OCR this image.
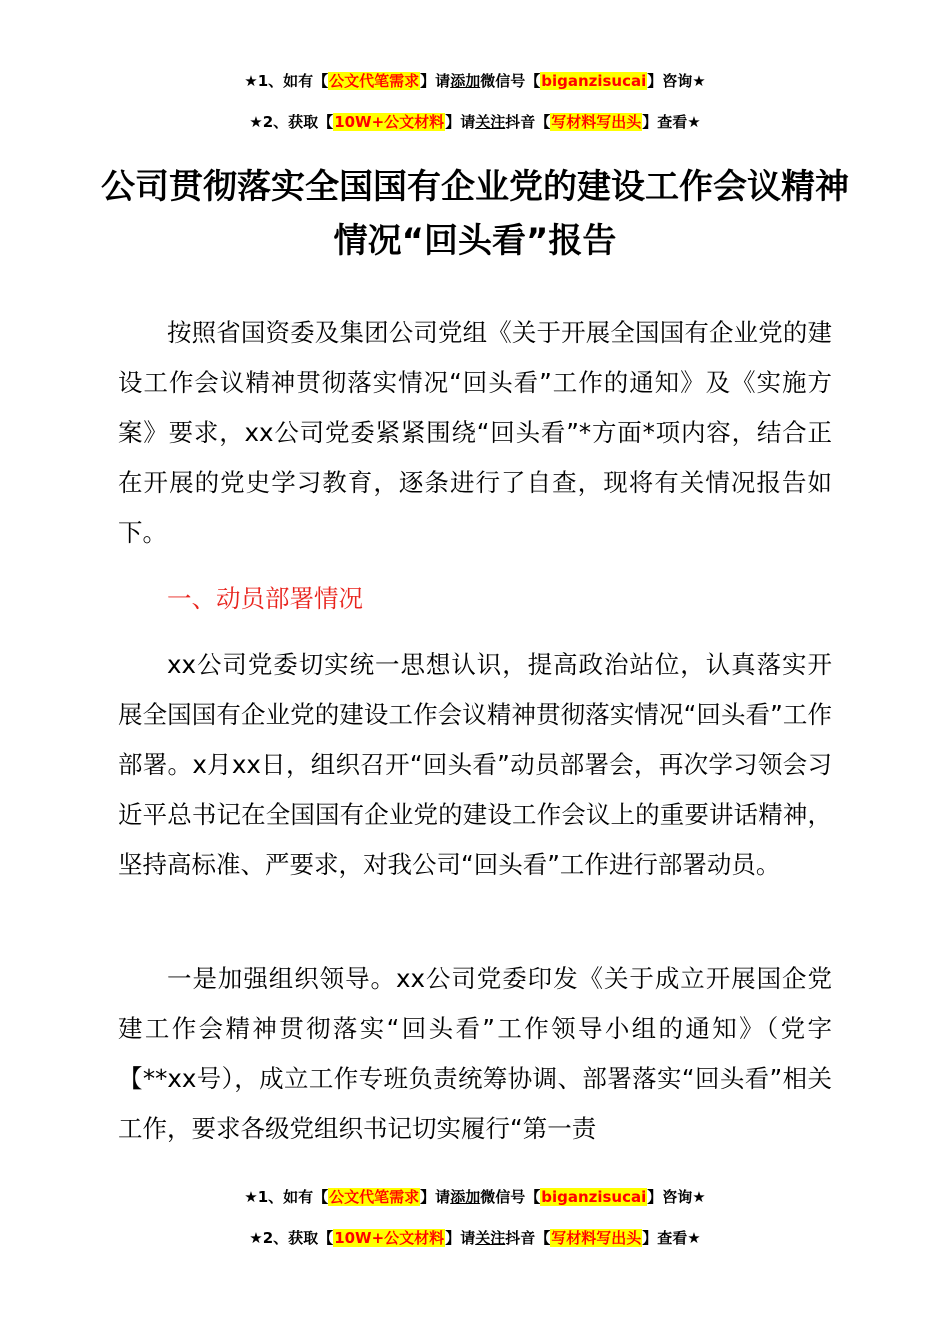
★1、如有【公文代笔需求】请添加微信号【biganzisucai】咨询★
★2、获取【10W+公文材料】请关注抖音【写材料写出头】查看★
公司贯彻落实全国国有企业党的建设工作会议精神情况“回头看”报告

按照省国资委及集团公司党组《关于开展全国国有企业党的建设工作会议精神贯彻落实情况“回头看”工作的通知》及《实施方案》要求，xx公司党委紧紧围绕“回头看”*方面*项内容，结合正在开展的党史学习教育，逐条进行了自查，现将有关情况报告如下。

一、动员部署情况

xx公司党委切实统一思想认识，提高政治站位，认真落实开展全国国有企业党的建设工作会议精神贯彻落实情况“回头看”工作部署。x月xx日，组织召开“回头看”动员部署会，再次学习领会习近平总书记在全国国有企业党的建设工作会议上的重要讲话精神，坚持高标准、严要求，对我公司“回头看”工作进行部署动员。

一是加强组织领导。xx公司党委印发《关于成立开展国企党建工作会精神贯彻落实“回头看”工作领导小组的通知》（党字【**xx号），成立工作专班负责统筹协调、部署落实“回头看”相关工作，要求各级党组织书记切实履行“第一责

★1、如有【公文代笔需求】请添加微信号【biganzisucai】咨询★
★2、获取【10W+公文材料】请关注抖音【写材料写出头】查看★
